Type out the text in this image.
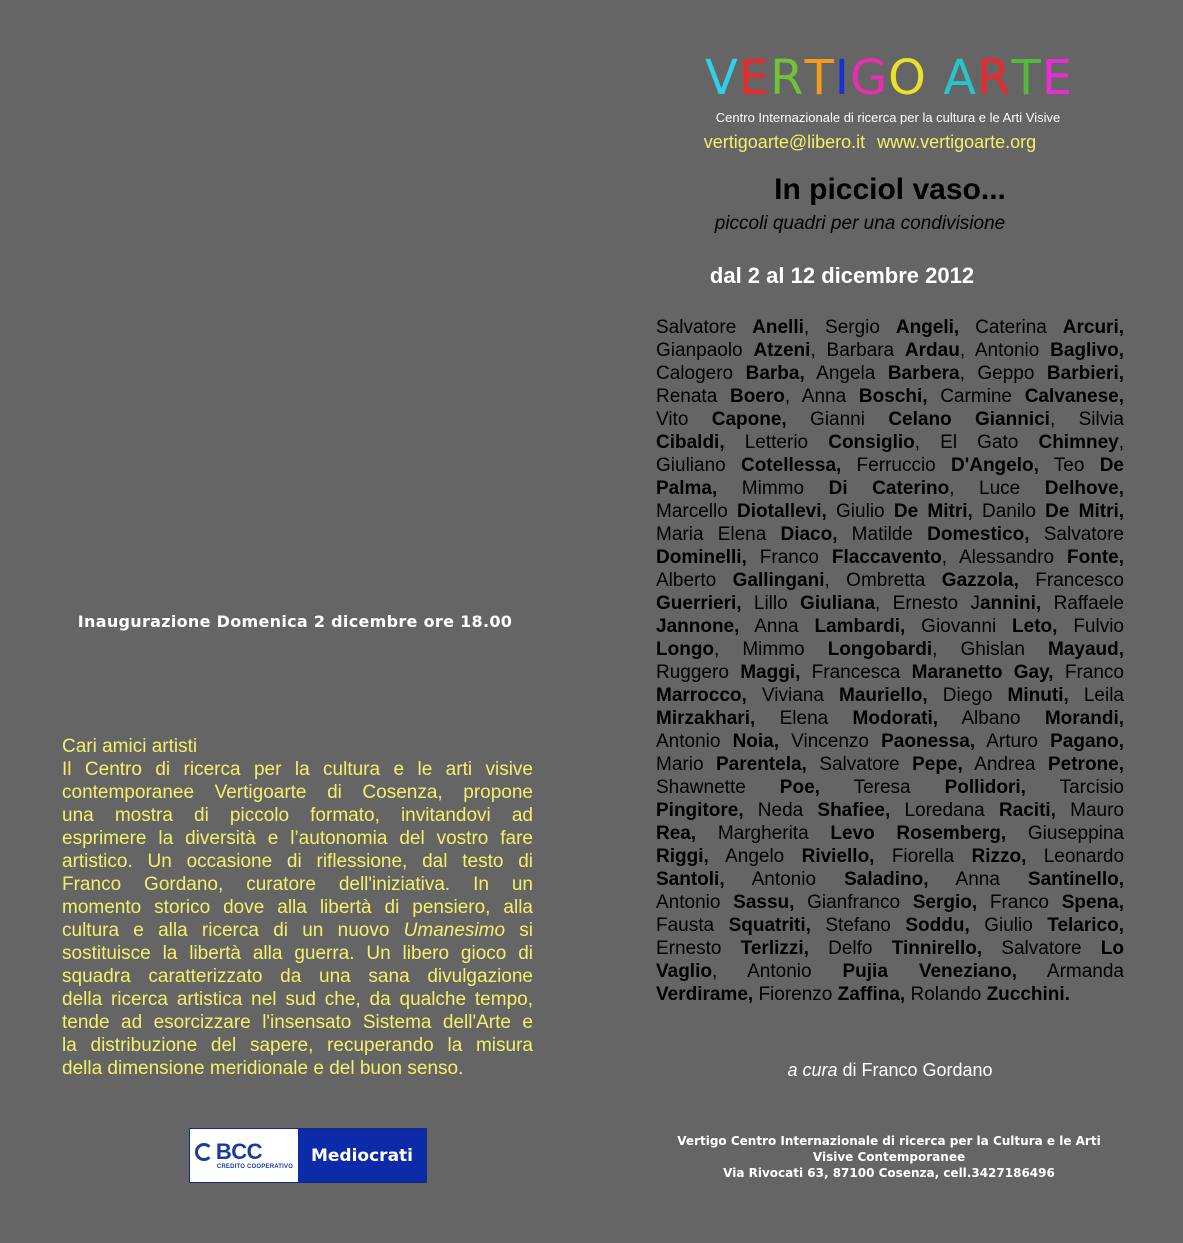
Inaugurazione Domenica 2 dicembre ore 18.00
Cari amici artisti
Il Centro di ricerca per la cultura e le arti visive
contemporanee Vertigoarte di Cosenza, propone
una mostra di piccolo formato, invitandovi ad
esprimere la diversità e l’autonomia del vostro fare
artistico. Un occasione di riflessione, dal testo di
Franco Gordano, curatore dell'iniziativa. In un
momento storico dove alla libertà di pensiero, alla
cultura e alla ricerca di un nuovo Umanesimo si
sostituisce la libertà alla guerra. Un libero gioco di
squadra caratterizzato da una sana divulgazione
della ricerca artistica nel sud che, da qualche tempo,
tende ad esorcizzare l'insensato Sistema dell'Arte e
la distribuzione del sapere, recuperando la misura
della dimensione meridionale e del buon senso.
BCC
CREDITO COOPERATIVO
Mediocrati
VERTIGO ARTE
Centro Internazionale di ricerca per la cultura e le Arti Visive
vertigoarte@libero.it www.vertigoarte.org
In picciol vaso...
piccoli quadri per una condivisione
dal 2 al 12 dicembre 2012
Salvatore Anelli, Sergio Angeli, Caterina Arcuri,
Gianpaolo Atzeni, Barbara Ardau, Antonio Baglivo,
Calogero Barba, Angela Barbera, Geppo Barbieri,
Renata Boero, Anna Boschi, Carmine Calvanese,
Vito Capone, Gianni Celano Giannici, Silvia
Cibaldi, Letterio Consiglio, El Gato Chimney,
Giuliano Cotellessa, Ferruccio D'Angelo, Teo De
Palma, Mimmo Di Caterino, Luce Delhove,
Marcello Diotallevi, Giulio De Mitri, Danilo De Mitri,
Maria Elena Diaco, Matilde Domestico, Salvatore
Dominelli, Franco Flaccavento, Alessandro Fonte,
Alberto Gallingani, Ombretta Gazzola, Francesco
Guerrieri, Lillo Giuliana, Ernesto Jannini, Raffaele
Jannone, Anna Lambardi, Giovanni Leto, Fulvio
Longo, Mimmo Longobardi, Ghislan Mayaud,
Ruggero Maggi, Francesca Maranetto Gay, Franco
Marrocco, Viviana Mauriello, Diego Minuti, Leila
Mirzakhari, Elena Modorati, Albano Morandi,
Antonio Noia, Vincenzo Paonessa, Arturo Pagano,
Mario Parentela, Salvatore Pepe, Andrea Petrone,
Shawnette Poe, Teresa Pollidori, Tarcisio
Pingitore, Neda Shafiee, Loredana Raciti, Mauro
Rea, Margherita Levo Rosemberg, Giuseppina
Riggi, Angelo Riviello, Fiorella Rizzo, Leonardo
Santoli, Antonio Saladino, Anna Santinello,
Antonio Sassu, Gianfranco Sergio, Franco Spena,
Fausta Squatriti, Stefano Soddu, Giulio Telarico,
Ernesto Terlizzi, Delfo Tinnirello, Salvatore Lo
Vaglio, Antonio Pujia Veneziano, Armanda
Verdirame, Fiorenzo Zaffina, Rolando Zucchini.
a cura di Franco Gordano
Vertigo Centro Internazionale di ricerca per la Cultura e le Arti
Visive Contemporanee
Via Rivocati 63, 87100 Cosenza, cell.3427186496
